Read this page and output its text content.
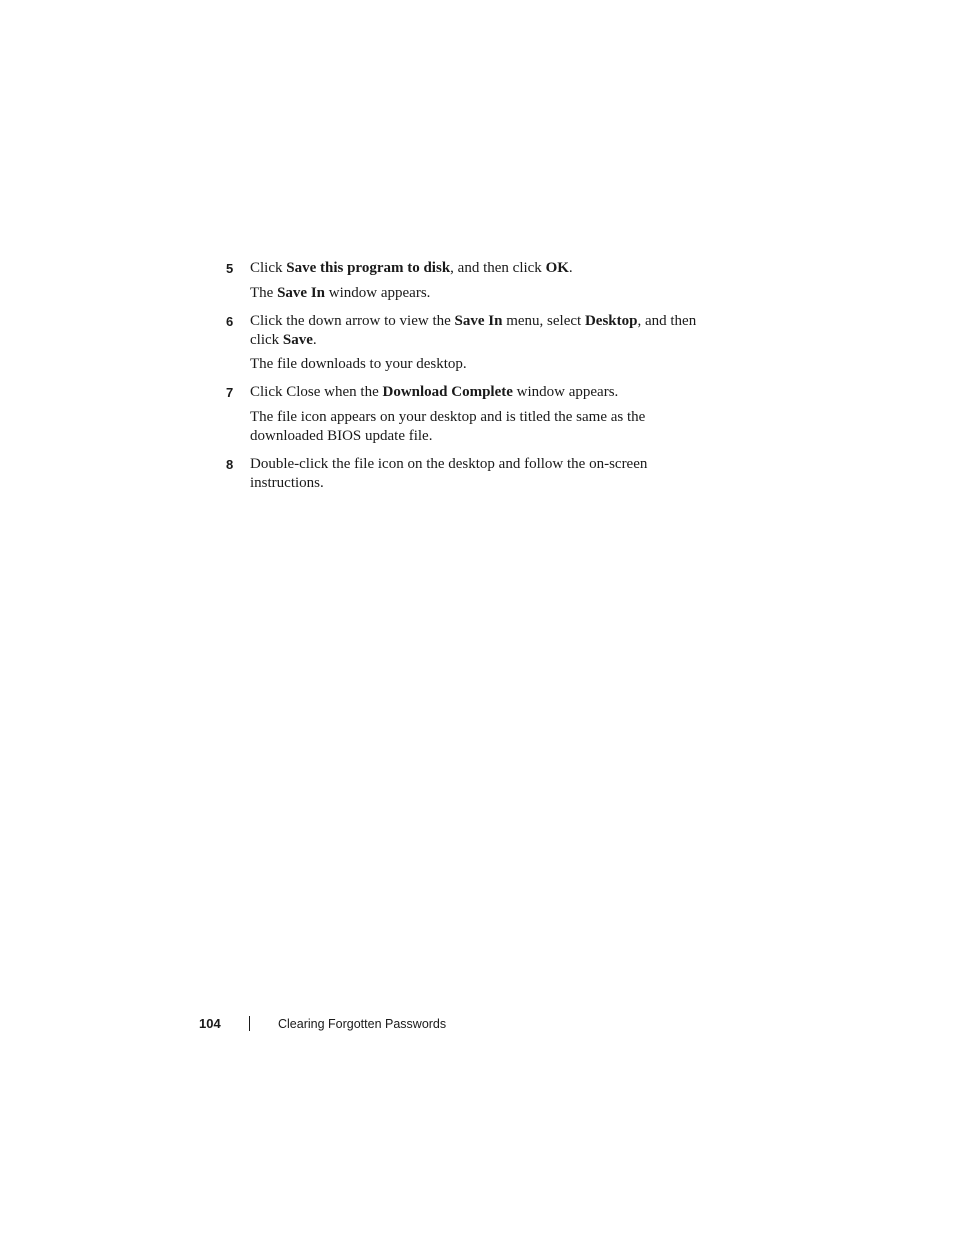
5 Click Save this program to disk, and then click OK.
The Save In window appears.
6 Click the down arrow to view the Save In menu, select Desktop, and then click Save.
The file downloads to your desktop.
7 Click Close when the Download Complete window appears.
The file icon appears on your desktop and is titled the same as the downloaded BIOS update file.
8 Double-click the file icon on the desktop and follow the on-screen instructions.
104	Clearing Forgotten Passwords
